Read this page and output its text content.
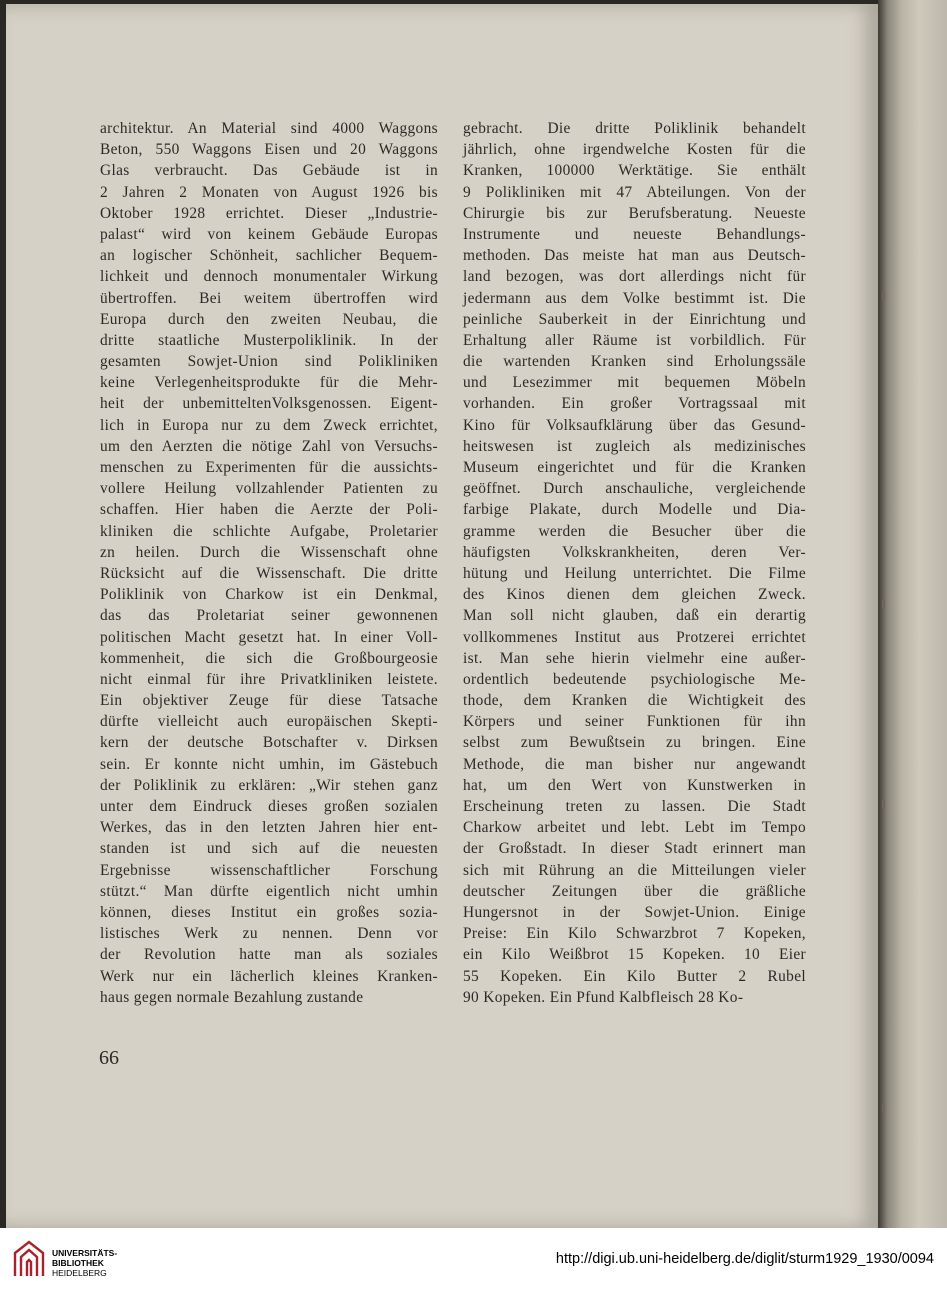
architektur. An Material sind 4000 Waggons
Beton, 550 Waggons Eisen und 20 Waggons
Glas verbraucht. Das Gebäude ist in
2 Jahren 2 Monaten von August 1926 bis
Oktober 1928 errichtet. Dieser „Industrie-
palast“ wird von keinem Gebäude Europas
an logischer Schönheit, sachlicher Bequem-
lichkeit und dennoch monumentaler Wirkung
übertroffen. Bei weitem übertroffen wird
Europa durch den zweiten Neubau, die
dritte staatliche Musterpoliklinik. In der
gesamten Sowjet-Union sind Polikliniken
keine Verlegenheitsprodukte für die Mehr-
heit der unbemitteltenVolksgenossen. Eigent-
lich in Europa nur zu dem Zweck errichtet,
um den Aerzten die nötige Zahl von Versuchs-
menschen zu Experimenten für die aussichts-
vollere Heilung vollzahlender Patienten zu
schaffen. Hier haben die Aerzte der Poli-
kliniken die schlichte Aufgabe, Proletarier
zn heilen. Durch die Wissenschaft ohne
Rücksicht auf die Wissenschaft. Die dritte
Poliklinik von Charkow ist ein Denkmal,
das das Proletariat seiner gewonnenen
politischen Macht gesetzt hat. In einer Voll-
kommenheit, die sich die Großbourgeosie
nicht einmal für ihre Privatkliniken leistete.
Ein objektiver Zeuge für diese Tatsache
dürfte vielleicht auch europäischen Skepti-
kern der deutsche Botschafter v. Dirksen
sein. Er konnte nicht umhin, im Gästebuch
der Poliklinik zu erklären: „Wir stehen ganz
unter dem Eindruck dieses großen sozialen
Werkes, das in den letzten Jahren hier ent-
standen ist und sich auf die neuesten
Ergebnisse wissenschaftlicher Forschung
stützt.“ Man dürfte eigentlich nicht umhin
können, dieses Institut ein großes sozia-
listisches Werk zu nennen. Denn vor
der Revolution hatte man als soziales
Werk nur ein lächerlich kleines Kranken-
haus gegen normale Bezahlung zustande
gebracht. Die dritte Poliklinik behandelt
jährlich, ohne irgendwelche Kosten für die
Kranken, 100000 Werktätige. Sie enthält
9 Polikliniken mit 47 Abteilungen. Von der
Chirurgie bis zur Berufsberatung. Neueste
Instrumente und neueste Behandlungs-
methoden. Das meiste hat man aus Deutsch-
land bezogen, was dort allerdings nicht für
jedermann aus dem Volke bestimmt ist. Die
peinliche Sauberkeit in der Einrichtung und
Erhaltung aller Räume ist vorbildlich. Für
die wartenden Kranken sind Erholungssäle
und Lesezimmer mit bequemen Möbeln
vorhanden. Ein großer Vortragssaal mit
Kino für Volksaufklärung über das Gesund-
heitswesen ist zugleich als medizinisches
Museum eingerichtet und für die Kranken
geöffnet. Durch anschauliche, vergleichende
farbige Plakate, durch Modelle und Dia-
gramme werden die Besucher über die
häufigsten Volkskrankheiten, deren Ver-
hütung und Heilung unterrichtet. Die Filme
des Kinos dienen dem gleichen Zweck.
Man soll nicht glauben, daß ein derartig
vollkommenes Institut aus Protzerei errichtet
ist. Man sehe hierin vielmehr eine außer-
ordentlich bedeutende psychiologische Me-
thode, dem Kranken die Wichtigkeit des
Körpers und seiner Funktionen für ihn
selbst zum Bewußtsein zu bringen. Eine
Methode, die man bisher nur angewandt
hat, um den Wert von Kunstwerken in
Erscheinung treten zu lassen. Die Stadt
Charkow arbeitet und lebt. Lebt im Tempo
der Großstadt. In dieser Stadt erinnert man
sich mit Rührung an die Mitteilungen vieler
deutscher Zeitungen über die gräßliche
Hungersnot in der Sowjet-Union. Einige
Preise: Ein Kilo Schwarzbrot 7 Kopeken,
ein Kilo Weißbrot 15 Kopeken. 10 Eier
55 Kopeken. Ein Kilo Butter 2 Rubel
90 Kopeken. Ein Pfund Kalbfleisch 28 Ko-
66
UNIVERSITÄTS-
BIBLIOTHEK
HEIDELBERG
http://digi.ub.uni-heidelberg.de/diglit/sturm1929_1930/0094
